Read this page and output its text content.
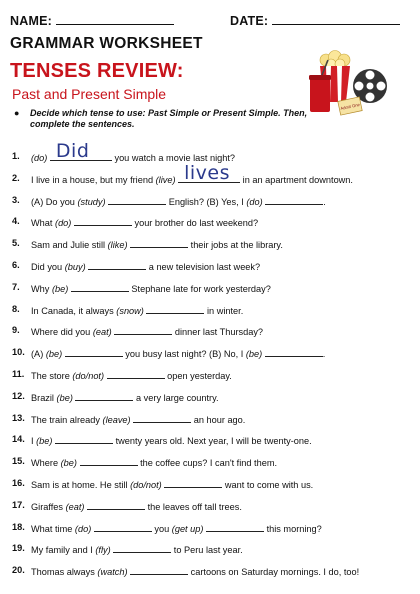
NAME:	DATE:
GRAMMAR WORKSHEET
TENSES REVIEW:
Past and Present Simple
Admit One
● Decide which tense to use: Past Simple or Present Simple. Then, complete the sentences.
1.	(do) Did	you watch a movie last night?
2.	I live in a house, but my friend (live) lives in an apartment downtown.
3.	(A) Do you (study)	English? (B) Yes, I (do)	.
4.	What (do)	your brother do last weekend?
5.	Sam and Julie still (like)	their jobs at the library.
6.	Did you (buy)	a new television last week?
7.	Why (be)	Stephane late for work yesterday?
8.	In Canada, it always (snow)	in winter.
9.	Where did you (eat)	dinner last Thursday?
10. (A) (be)	you busy last night? (B) No, I (be)	.
11. The store (do/not)	open yesterday.
12. Brazil (be)	a very large country.
13. The train already (leave)	an hour ago.
14. I (be)	twenty years old. Next year, I will be twenty-one.
15. Where (be)	the coffee cups? I can't find them.
16. Sam is at home. He still (do/not)	want to come with us.
17. Giraffes (eat)	the leaves off tall trees.
18. What time (do)	you (get up)	this morning?
19. My family and I (fly)	to Peru last year.
20. Thomas always (watch)	cartoons on Saturday mornings. I do, too!
